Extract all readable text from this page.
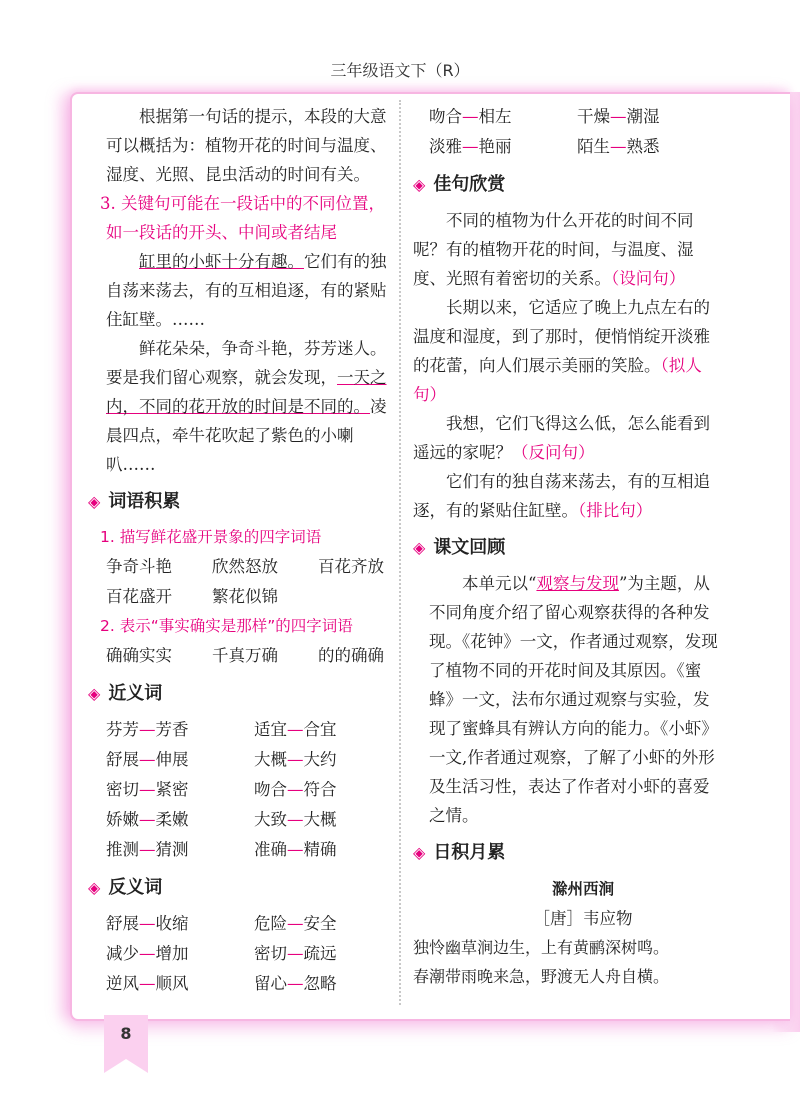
三年级语文下（R）

根据第一句话的提示，本段的大意可以概括为：植物开花的时间与温度、湿度、光照、昆虫活动的时间有关。

3. 关键句可能在一段话中的不同位置，

如一段话的开头、中间或者结尾

缸里的小虾十分有趣。它们有的独自荡来荡去，有的互相追逐，有的紧贴住缸壁。……

鲜花朵朵，争奇斗艳，芬芳迷人。要是我们留心观察，就会发现，一天之内，不同的花开放的时间是不同的。凌晨四点，牵牛花吹起了紫色的小喇叭……

◈ 词语积累

1. 描写鲜花盛开景象的四字词语

争奇斗艳	欣然怒放	百花齐放
百花盛开	繁花似锦

2. 表示“事实确实是那样”的四字词语

确确实实	千真万确	的的确确
◈ 近义词
芬芳—芳香	适宜—合宜
舒展—伸展	大概—大约
密切—紧密	吻合—符合
娇嫩—柔嫩	大致—大概
推测—猜测	准确—精确
◈ 反义词
舒展—收缩	危险—安全
减少—增加	密切—疏远
逆风—顺风	留心—忽略
吻合—相左	干燥—潮湿
淡雅—艳丽	陌生—熟悉
◈ 佳句欣赏

不同的植物为什么开花的时间不同呢？有的植物开花的时间，与温度、湿度、光照有着密切的关系。（设问句）

长期以来，它适应了晚上九点左右的温度和湿度，到了那时，便悄悄绽开淡雅的花蕾，向人们展示美丽的笑脸。（拟人句）

我想，它们飞得这么低，怎么能看到遥远的家呢？（反问句）

它们有的独自荡来荡去，有的互相追逐，有的紧贴住缸壁。（排比句）

◈ 课文回顾

本单元以“观察与发现”为主题，从不同角度介绍了留心观察获得的各种发现。《花钟》一文，作者通过观察，发现了植物不同的开花时间及其原因。《蜜蜂》一文，法布尔通过观察与实验，发现了蜜蜂具有辨认方向的能力。《小虾》一文,作者通过观察，了解了小虾的外形及生活习性，表达了作者对小虾的喜爱之情。

◈ 日积月累
滁州西涧
［唐］韦应物

独怜幽草涧边生，上有黄鹂深树鸣。

春潮带雨晚来急，野渡无人舟自横。

8
